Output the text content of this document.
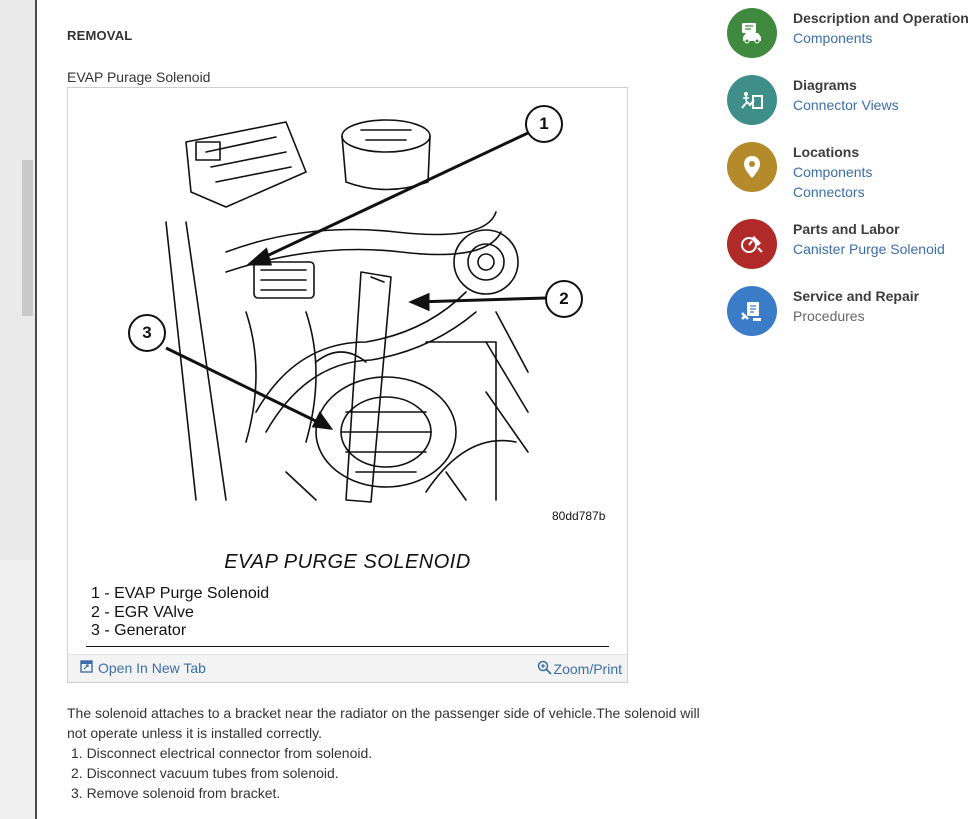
REMOVAL
EVAP Purage Solenoid
1
2
3
80dd787b
EVAP PURGE SOLENOID
1 - EVAP Purge Solenoid
2 - EGR VAlve
3 - Generator
Open In New Tab	Zoom/Print
The solenoid attaches to a bracket near the radiator on the passenger side of vehicle.The solenoid will not operate unless it is installed correctly.
1. Disconnect electrical connector from solenoid.
2. Disconnect vacuum tubes from solenoid.
3. Remove solenoid from bracket.
Description and Operation
Components
Diagrams
Connector Views
Locations
Components
Connectors
Parts and Labor
Canister Purge Solenoid
Service and Repair
Procedures
